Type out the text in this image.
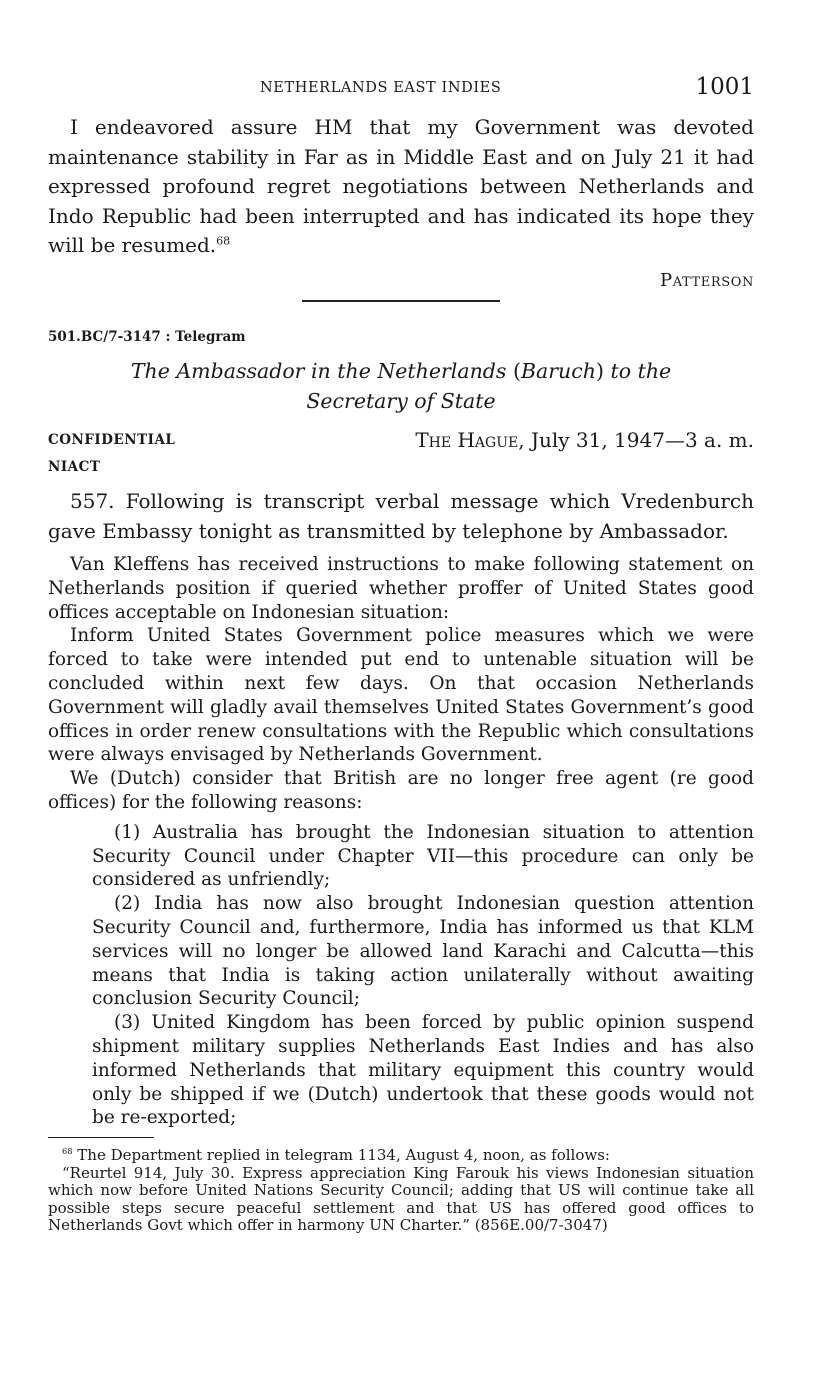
NETHERLANDS EAST INDIES	1001

I endeavored assure HM that my Government was devoted maintenance stability in Far as in Middle East and on July 21 it had expressed profound regret negotiations between Netherlands and Indo Republic had been interrupted and has indicated its hope they will be resumed.$^{68}$

Patterson
501.BC/7-3147 : Telegram
The Ambassador in the Netherlands (Baruch) to the
Secretary of State
CONFIDENTIAL	The Hague, July 31, 1947—3 a. m.
NIACT

557. Following is transcript verbal message which Vredenburch gave Embassy tonight as transmitted by telephone by Ambassador.

Van Kleffens has received instructions to make following statement on Netherlands position if queried whether proffer of United States good offices acceptable on Indonesian situation:

Inform United States Government police measures which we were forced to take were intended put end to untenable situation will be concluded within next few days. On that occasion Netherlands Government will gladly avail themselves United States Government’s good offices in order renew consultations with the Republic which consultations were always envisaged by Netherlands Government.

We (Dutch) consider that British are no longer free agent (re good offices) for the following reasons:

(1) Australia has brought the Indonesian situation to attention Security Council under Chapter VII—this procedure can only be considered as unfriendly;

(2) India has now also brought Indonesian question attention Security Council and, furthermore, India has informed us that KLM services will no longer be allowed land Karachi and Calcutta—this means that India is taking action unilaterally without awaiting conclusion Security Council;

(3) United Kingdom has been forced by public opinion suspend shipment military supplies Netherlands East Indies and has also informed Netherlands that military equipment this country would only be shipped if we (Dutch) undertook that these goods would not be re-exported;

$^{68}$ The Department replied in telegram 1134, August 4, noon, as follows:

“Reurtel 914, July 30. Express appreciation King Farouk his views Indonesian situation which now before United Nations Security Council; adding that US will continue take all possible steps secure peaceful settlement and that US has offered good offices to Netherlands Govt which offer in harmony UN Charter.” (856E.00/7-3047)
